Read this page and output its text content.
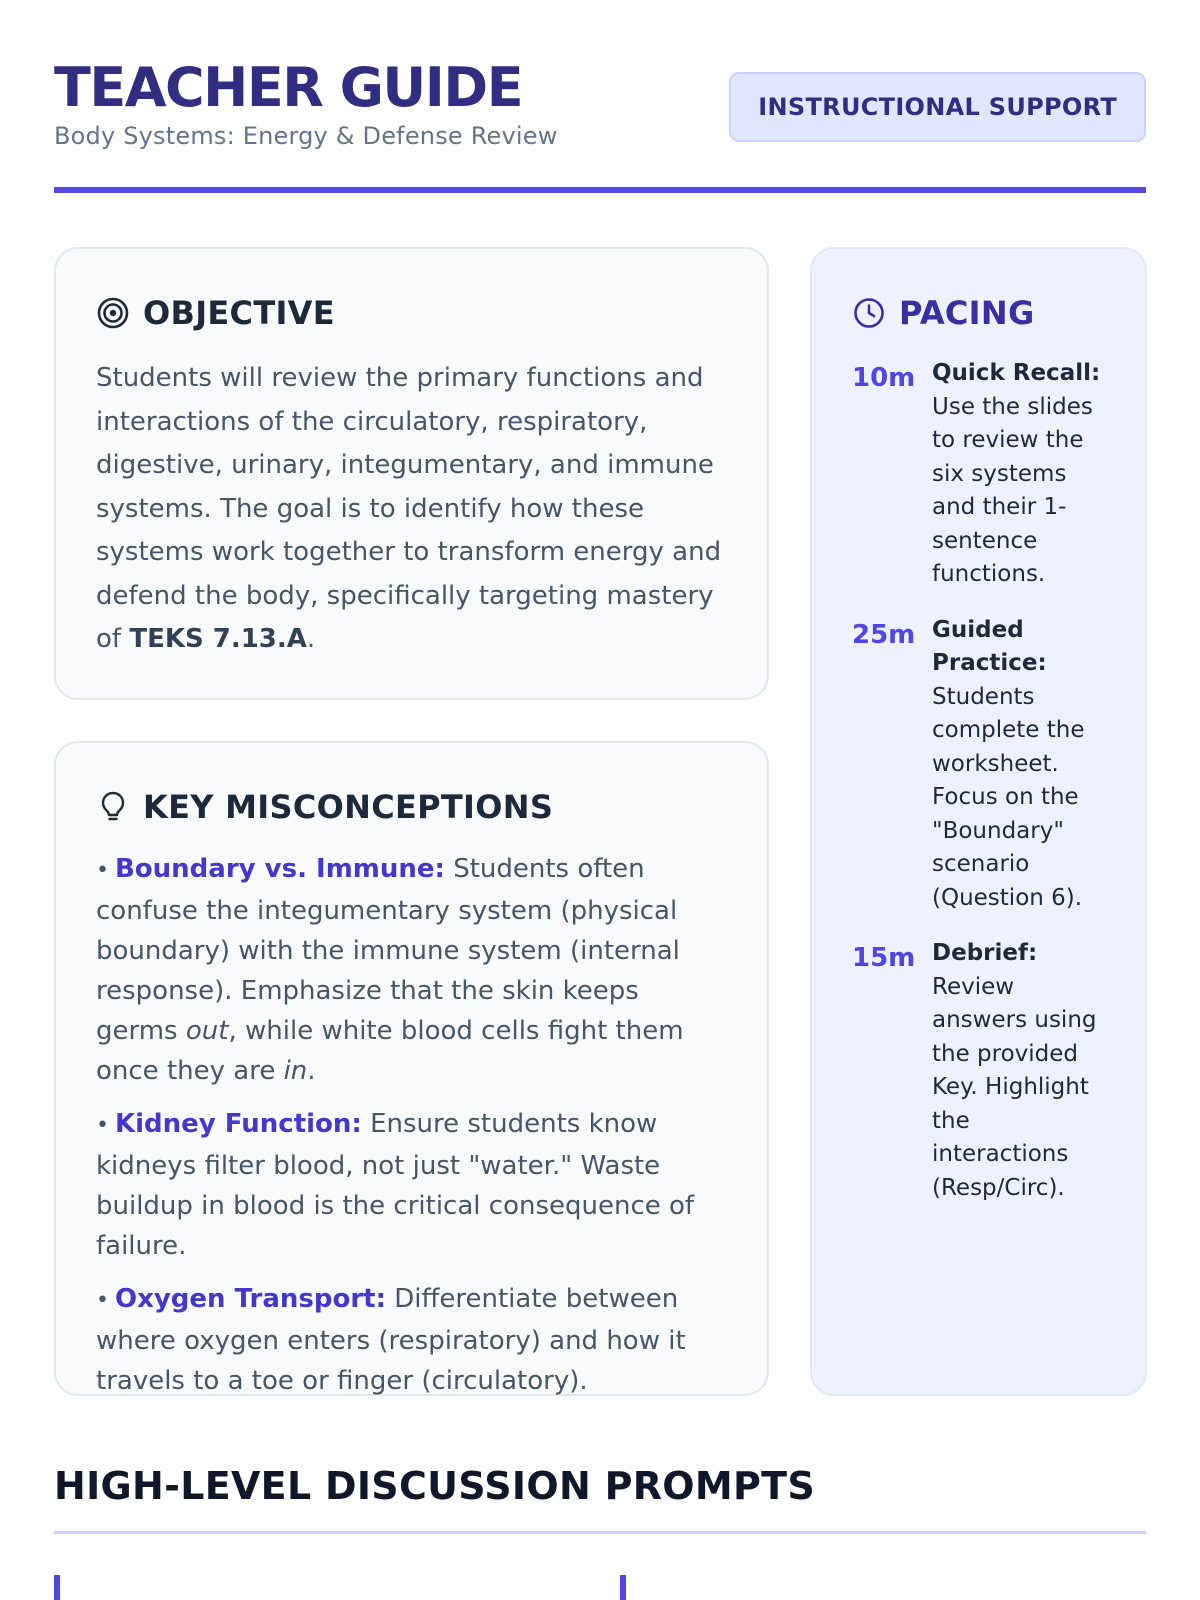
TEACHER GUIDE
Body Systems: Energy & Defense Review
INSTRUCTIONAL SUPPORT
OBJECTIVE

Students will review the primary functions and interactions of the circulatory, respiratory, digestive, urinary, integumentary, and immune systems. The goal is to identify how these systems work together to transform energy and defend the body, specifically targeting mastery of TEKS 7.13.A.

KEY MISCONCEPTIONS

• Boundary vs. Immune: Students often confuse the integumentary system (physical boundary) with the immune system (internal response). Emphasize that the skin keeps germs out, while white blood cells fight them once they are in.

• Kidney Function: Ensure students know kidneys filter blood, not just "water." Waste buildup in blood is the critical consequence of failure.

• Oxygen Transport: Differentiate between where oxygen enters (respiratory) and how it travels to a toe or finger (circulatory).

PACING
10m Quick Recall: Use the slides to review the six systems and their 1-sentence functions.
25m Guided Practice: Students complete the worksheet. Focus on the "Boundary" scenario (Question 6).
15m Debrief: Review answers using the provided Key. Highlight the interactions (Resp/Circ).
HIGH-LEVEL DISCUSSION PROMPTS
